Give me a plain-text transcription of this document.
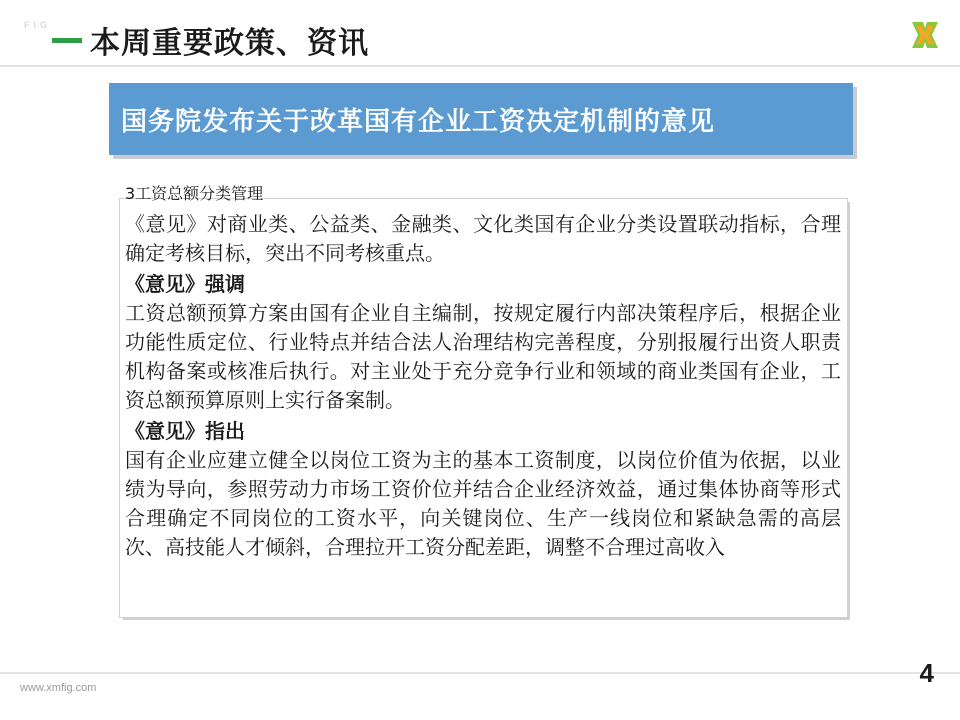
FIG
本周重要政策、资讯
国务院发布关于改革国有企业工资决定机制的意见

3工资总额分类管理

《意见》对商业类、公益类、金融类、文化类国有企业分类设置联动指标，合理确定考核目标，突出不同考核重点。

《意见》强调

工资总额预算方案由国有企业自主编制，按规定履行内部决策程序后，根据企业功能性质定位、行业特点并结合法人治理结构完善程度，分别报履行出资人职责机构备案或核准后执行。对主业处于充分竞争行业和领域的商业类国有企业，工资总额预算原则上实行备案制。

《意见》指出

国有企业应建立健全以岗位工资为主的基本工资制度，以岗位价值为依据，以业绩为导向，参照劳动力市场工资价位并结合企业经济效益，通过集体协商等形式合理确定不同岗位的工资水平，向关键岗位、生产一线岗位和紧缺急需的高层次、高技能人才倾斜，合理拉开工资分配差距，调整不合理过高收入

www.xmfig.com	4
